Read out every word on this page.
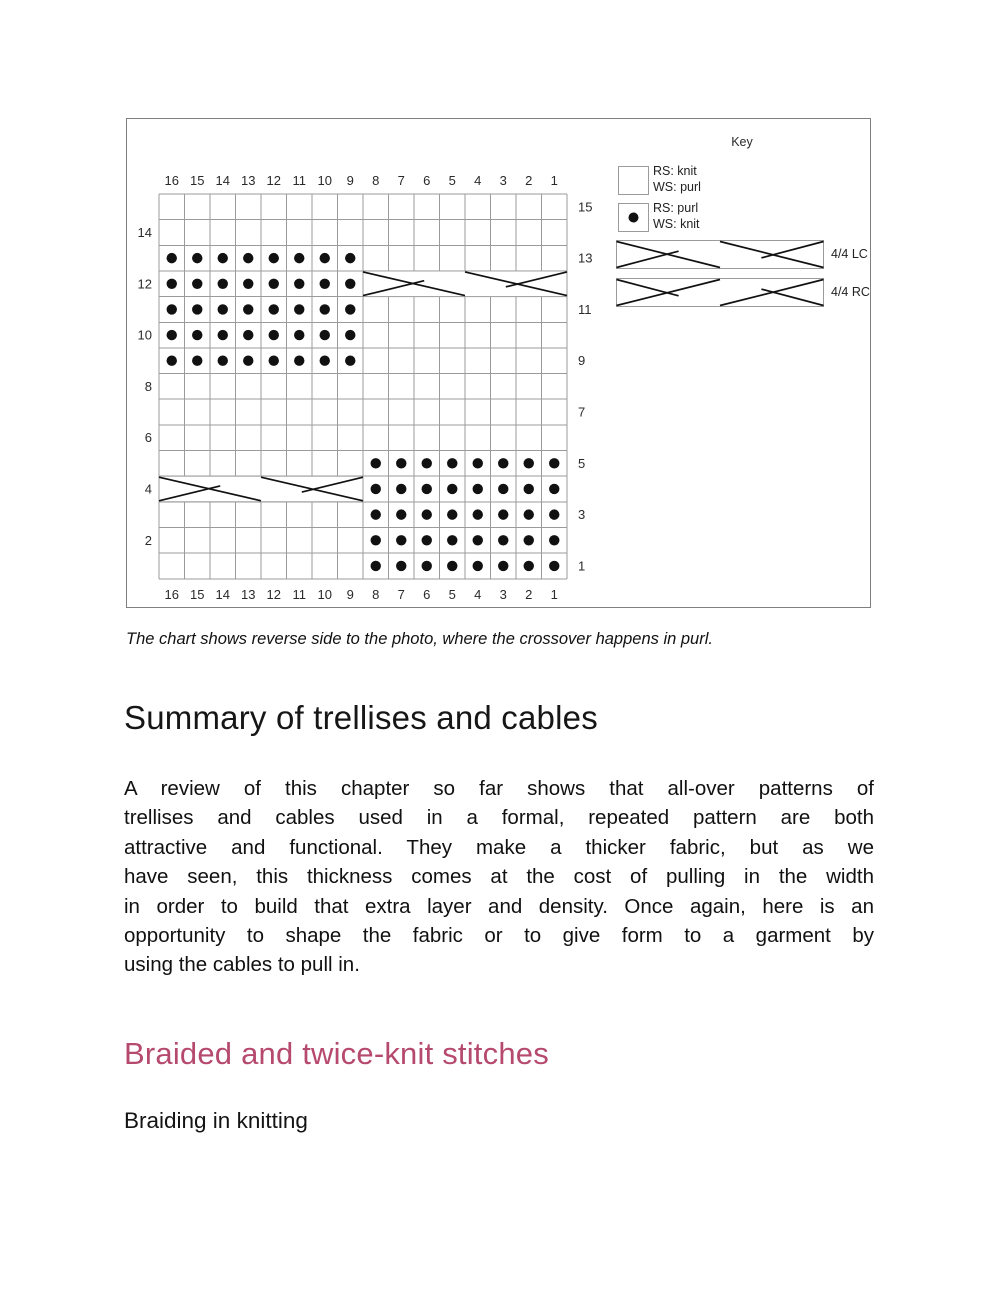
16
16
15
15
14
14
13
13
12
12
11
11
10
10
9
9
8
8
7
7
6
6
5
5
4
4
3
3
2
2
1
1
14
12
10
8
6
4
2
15
13
11
9
7
5
3
1
Key
RS: knit
WS: purl
RS: purl
WS: knit
4/4 LC
4/4 RC
The chart shows reverse side to the photo, where the crossover happens in purl.
Summary of trellises and cables
A review of this chapter so far shows that all-over patterns of
trellises and cables used in a formal, repeated pattern are both
attractive and functional. They make a thicker fabric, but as we
have seen, this thickness comes at the cost of pulling in the width
in order to build that extra layer and density. Once again, here is an
opportunity to shape the fabric or to give form to a garment by
using the cables to pull in.
Braided and twice-knit stitches
Braiding in knitting
